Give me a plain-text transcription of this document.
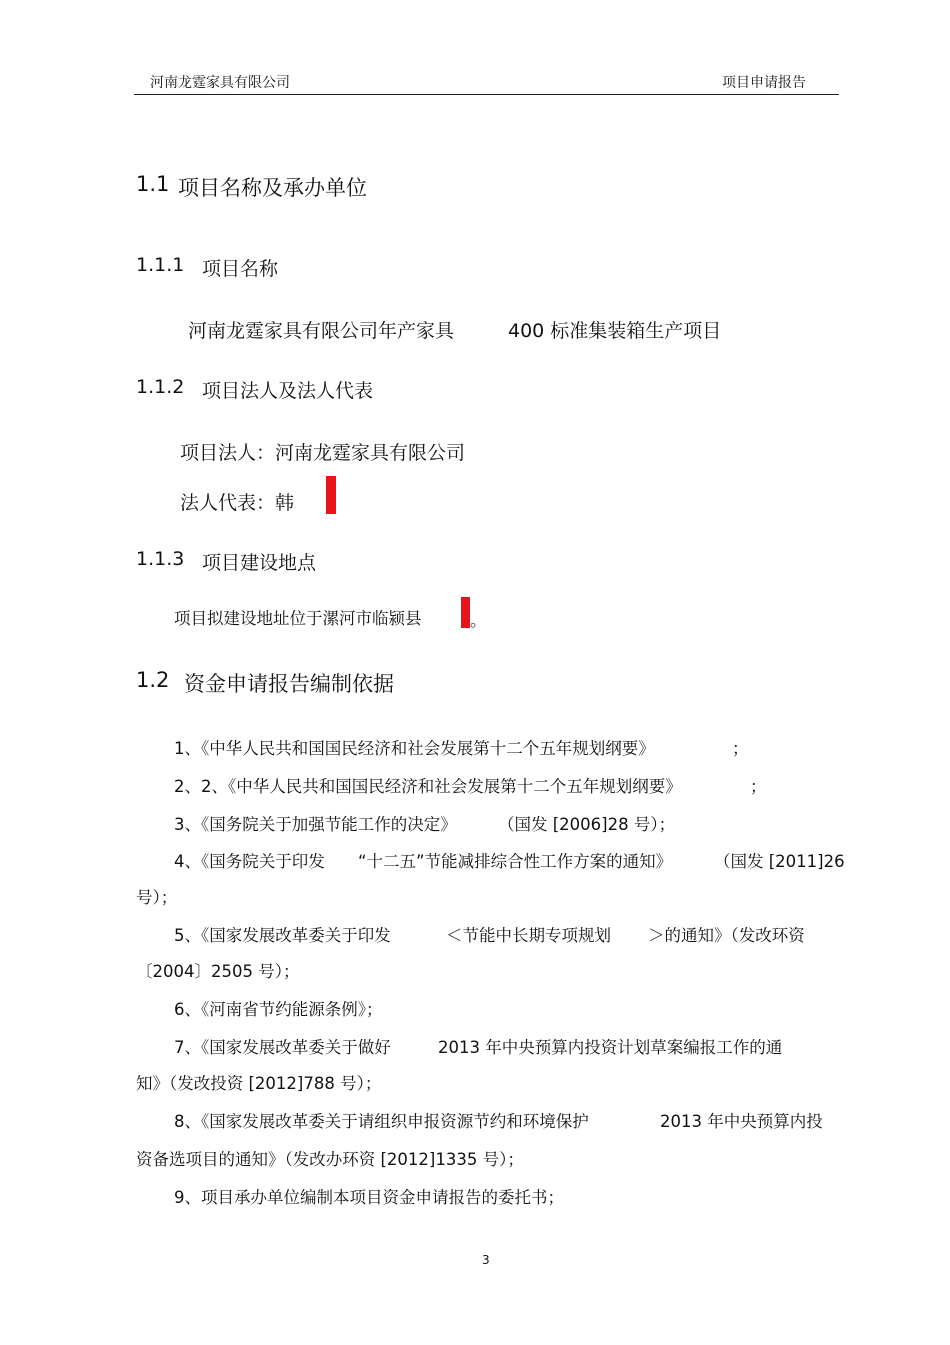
河南龙霆家具有限公司	项目申请报告
1.1 项目名称及承办单位
1.1.1 项目名称
河南龙霆家具有限公司年产家具	400 标准集装箱生产项目
1.1.2 项目法人及法人代表
项目法人：河南龙霆家具有限公司
法人代表：韩
1.1.3 项目建设地点
项目拟建设地址位于漯河市临颍县	。
1.2 资金申请报告编制依据
1、《中华人民共和国国民经济和社会发展第十二个五年规划纲要》	；
2、2、《中华人民共和国国民经济和社会发展第十二个五年规划纲要》	；
3、《国务院关于加强节能工作的决定》	（国发 [2006]28 号）；
4、《国务院关于印发 “十二五”节能减排综合性工作方案的通知》	（国发 [2011]26
号）；
5、《国家发展改革委关于印发	＜节能中长期专项规划 ＞的通知》（发改环资
〔2004〕2505 号）；
6、《河南省节约能源条例》；
7、《国家发展改革委关于做好	2013 年中央预算内投资计划草案编报工作的通
知》（发改投资 [2012]788 号）；
8、《国家发展改革委关于请组织申报资源节约和环境保护	2013 年中央预算内投
资备选项目的通知》（发改办环资 [2012]1335 号）；
9、项目承办单位编制本项目资金申请报告的委托书；
3
